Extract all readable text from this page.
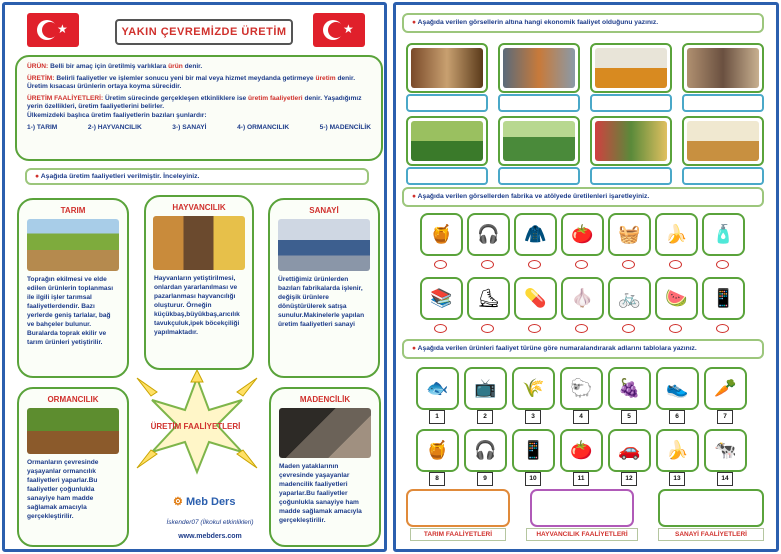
★	★
YAKIN ÇEVREMİZDE ÜRETİM

ÜRÜN: Belli bir amaç için üretilmiş varlıklara ürün denir.

ÜRETİM: Belirli faaliyetler ve işlemler sonucu yeni bir mal veya hizmet meydanda getirmeye üretim denir. Üretim kısacası ürünlerin ortaya koyma sürecidir.

ÜRETİM FAALİYETLERİ: Üretim sürecinde gerçekleşen etkinliklere ise üretim faaliyetleri denir. Yaşadığımız yerin özellikleri, üretim faaliyetlerini belirler.
Ülkemizdeki başlıca üretim faaliyetlerin bazıları şunlardır:

1-) TARIM	2-) HAYVANCILIK	3-) SANAYİ	4-) ORMANCILIK	5-) MADENCİLİK
● Aşağıda üretim faaliyetleri verilmiştir. İnceleyiniz.
TARIM
Toprağın ekilmesi ve elde edilen ürünlerin toplanması ile ilgili işler tarımsal faaliyetlerdendir. Bazı yerlerde geniş tarlalar, bağ ve bahçeler bulunur. Buralarda toprak ekilir ve tarım ürünleri yetiştirilir.
HAYVANCILIK
Hayvanların yetiştirilmesi, onlardan yararlanılması ve pazarlanması hayvancılığı oluşturur. Örneğin küçükbaş,büyükbaş,arıcılık tavukçuluk,ipek böcekçiliği yapılmaktadır.
SANAYİ
Ürettiğimiz ürünlerden bazıları fabrikalarda işlenir, değişik ürünlere dönüştürülerek satışa sunulur.Makinelerle yapılan üretim faaliyetleri sanayi
ÜRETİM FAALİYETLERİ
ORMANCILIK
Ormanların çevresinde yaşayanlar ormancılık faaliyetleri yaparlar.Bu faaliyetler çoğunlukla sanayiye ham madde sağlamak amacıyla gerçekleştirilir.
MADENCİLİK
Maden yataklarının çevresinde yaşayanlar madencilik faaliyetleri yaparlar.Bu faaliyetler çoğunlukla sanayiye ham madde sağlamak amacıyla gerçekleştirilir.
⚙ Meb Ders
İskender07 (İlkokul etkinlikleri)
www.mebders.com
● Aşağıda verilen görsellerin altına hangi ekonomik faaliyet olduğunu yazınız.
● Aşağıda verilen görsellerden fabrika ve atölyede üretilenleri işaretleyiniz.
🍯	🎧	🧥	🍅	🧺	🍌	🧴
📚	⛸	💊	🧄	🚲	🍉	📱
● Aşağıda verilen ürünleri faaliyet türüne göre numaralandırarak adlarını tablolara yazınız.
🐟	📺	🌾	🐑	🍇	👟	🥕
1	2	3	4	5	6	7
🍯	🎧	📱	🍅	🚗	🍌	🐄
8	9	10	11	12	13	14
TARIM FAALİYETLERİ	HAYVANCILIK FAALİYETLERİ	SANAYİ FAALİYETLERİ
